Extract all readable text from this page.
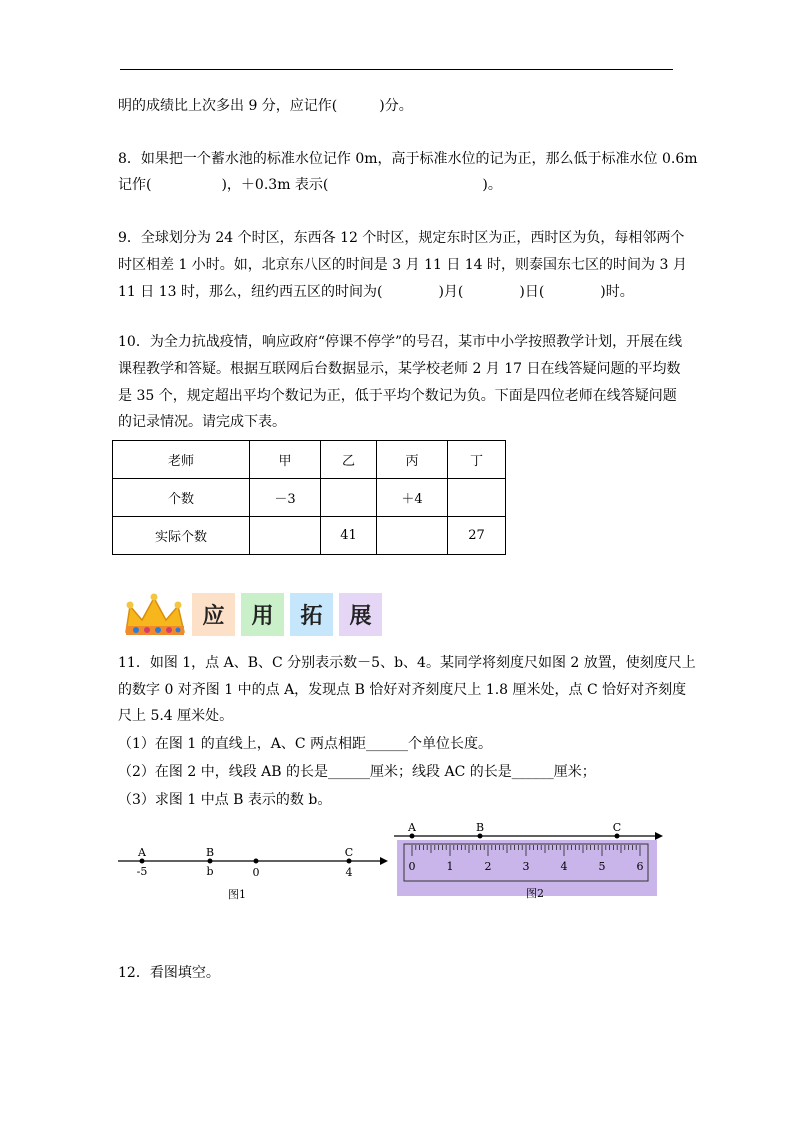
明的成绩比上次多出 9 分，应记作(　　　)分。
8．如果把一个蓄水池的标准水位记作 0m，高于标准水位的记为正，那么低于标准水位 0.6m
记作(　　　　　)，＋0.3m 表示(　　　　　　　　　　　)。
9．全球划分为 24 个时区，东西各 12 个时区，规定东时区为正，西时区为负，每相邻两个
时区相差 1 小时。如，北京东八区的时间是 3 月 11 日 14 时，则泰国东七区的时间为 3 月
11 日 13 时，那么，纽约西五区的时间为(　　　　)月(　　　　)日(　　　　)时。
10．为全力抗战疫情，响应政府“停课不停学”的号召，某市中小学按照教学计划，开展在线
课程教学和答疑。根据互联网后台数据显示，某学校老师 2 月 17 日在线答疑问题的平均数
是 35 个，规定超出平均个数记为正，低于平均个数记为负。下面是四位老师在线答疑问题
的记录情况。请完成下表。
老师	甲	乙	丙	丁
个数	－3		＋4	
实际个数		41		27
应	用	拓	展
11．如图 1，点 A、B、C 分别表示数－5、b、4。某同学将刻度尺如图 2 放置，使刻度尺上
的数字 0 对齐图 1 中的点 A，发现点 B 恰好对齐刻度尺上 1.8 厘米处，点 C 恰好对齐刻度
尺上 5.4 厘米处。
（1）在图 1 的直线上，A、C 两点相距______个单位长度。
（2）在图 2 中，线段 AB 的长是______厘米；线段 AC 的长是______厘米；
（3）求图 1 中点 B 表示的数 b。
A	B	C
-5	b	0	4
图1
A	B	C
0	1	2	3	4	5	6
图2
12．看图填空。
